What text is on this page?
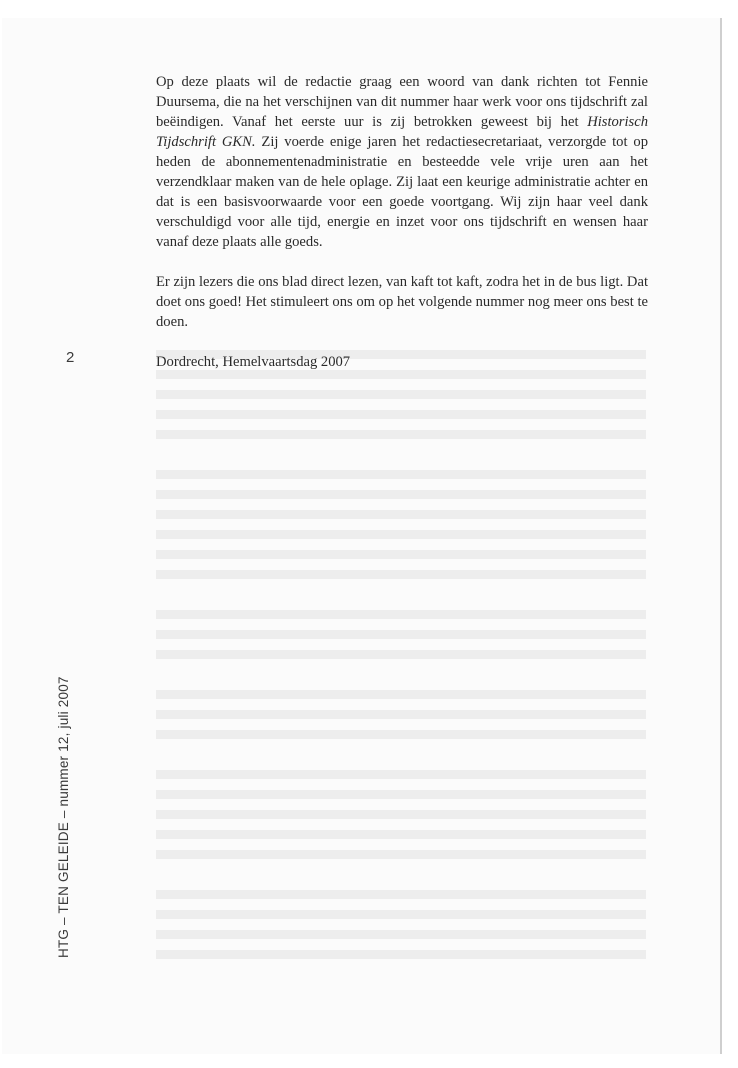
Op deze plaats wil de redactie graag een woord van dank richten tot Fennie Duursema, die na het verschijnen van dit nummer haar werk voor ons tijdschrift zal beëindigen. Vanaf het eerste uur is zij betrokken geweest bij het Historisch Tijdschrift GKN. Zij voerde enige jaren het redactiesecretariaat, verzorgde tot op heden de abonnementenadministratie en besteedde vele vrije uren aan het verzendklaar maken van de hele oplage. Zij laat een keurige administratie achter en dat is een basisvoorwaarde voor een goede voortgang. Wij zijn haar veel dank verschuldigd voor alle tijd, energie en inzet voor ons tijdschrift en wensen haar vanaf deze plaats alle goeds.

Er zijn lezers die ons blad direct lezen, van kaft tot kaft, zodra het in de bus ligt. Dat doet ons goed! Het stimuleert ons om op het volgende nummer nog meer ons best te doen.

Dordrecht, Hemelvaartsdag 2007

2
HTG – TEN GELEIDE – nummer 12, juli 2007
